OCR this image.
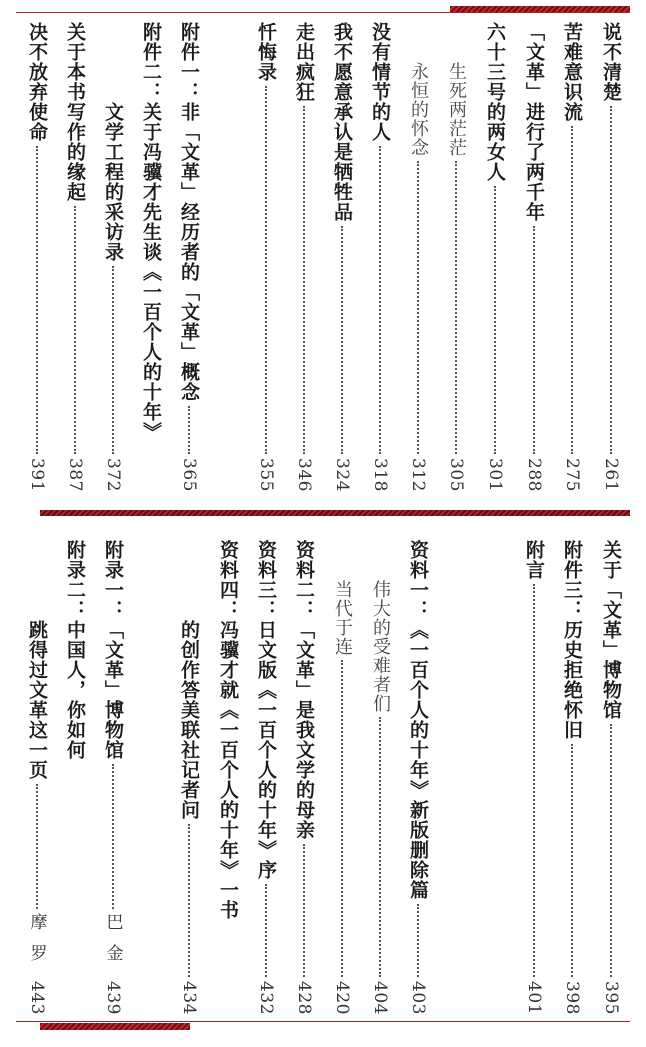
说不清楚
261
苦难意识流
275
「文革」进行了两千年
288
六十三号的两女人
301
生死两茫茫
305
永恒的怀念
312
没有情节的人
318
我不愿意承认是牺牲品
324
走出疯狂
346
忏悔录
355
附件一：非「文革」经历者的「文革」概念
365
附件二：关于冯骥才先生谈《一百个人的十年》
文学工程的采访录
372
关于本书写作的缘起
387
决不放弃使命
391
关于「文革」博物馆
395
附件三：历史拒绝怀旧
398
附言
401
资料一：《一百个人的十年》新版删除篇
403
伟大的受难者们
404
当代于连
420
资料二：「文革」是我文学的母亲
428
资料三：日文版《一百个人的十年》序
432
资料四：冯骥才就《一百个人的十年》一书
的创作答美联社记者问
434
附录一：「文革」博物馆
巴金
439
附录二：中国人，你如何
跳得过文革这一页
摩罗
443
